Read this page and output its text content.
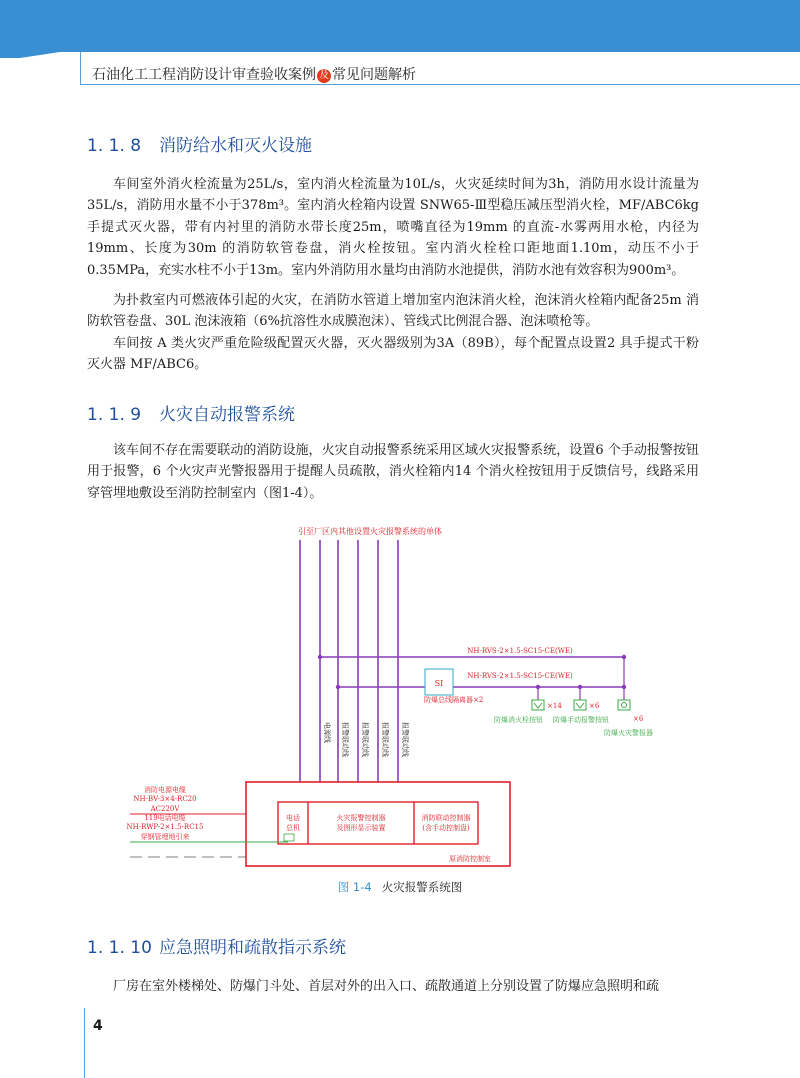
石油化工工程消防设计审查验收案例 及 常见问题解析
1. 1. 8 消防给水和灭火设施

车间室外消火栓流量为25L/s，室内消火栓流量为10L/s，火灾延续时间为3h，消防用水设计流量为35L/s，消防用水量不小于378m³。室内消火栓箱内设置 SNW65-Ⅲ型稳压减压型消火栓，MF/ABC6kg 手提式灭火器，带有内衬里的消防水带长度25m，喷嘴直径为19mm 的直流-水雾两用水枪，内径为19mm、长度为30m 的消防软管卷盘，消火栓按钮。室内消火栓栓口距地面1.10m，动压不小于0.35MPa，充实水柱不小于13m。室内外消防用水量均由消防水池提供，消防水池有效容积为900m³。

为扑救室内可燃液体引起的火灾，在消防水管道上增加室内泡沫消火栓，泡沫消火栓箱内配备25m 消防软管卷盘、30L 泡沫液箱（6%抗溶性水成膜泡沫）、管线式比例混合器、泡沫喷枪等。

车间按 A 类火灾严重危险级配置灭火器，灭火器级别为3A（89B），每个配置点设置2 具手提式干粉灭火器 MF/ABC6。

1. 1. 9 火灾自动报警系统

该车间不存在需要联动的消防设施，火灾自动报警系统采用区域火灾报警系统，设置6 个手动报警按钮用于报警，6 个火灾声光警报器用于提醒人员疏散，消火栓箱内14 个消火栓按钮用于反馈信号，线路采用穿管埋地敷设至消防控制室内（图1-4）。

引至厂区内其他设置火灾报警系统的单体
NH-RVS-2×1.5-SC15-CE(WE)
NH-RVS-2×1.5-SC15-CE(WE)
SI
防爆总线隔离器×2
×14	×6
×6
防爆消火栓按钮 防爆手动报警按钮
防爆火灾警报器
电源线 报警联动线 报警联动线 报警联动线 报警联动线
电话
总机
火灾报警控制器
及图形显示装置
消防联动控制器
(含手动控制盘)
原消防控制室
消防电源电缆
NH-BV-3×4-RC20
AC220V
119电话电缆
NH-RWP-2×1.5-RC15
穿钢管埋地引来
图 1-4 火灾报警系统图
1. 1. 10 应急照明和疏散指示系统

厂房在室外楼梯处、防爆门斗处、首层对外的出入口、疏散通道上分别设置了防爆应急照明和疏

4
